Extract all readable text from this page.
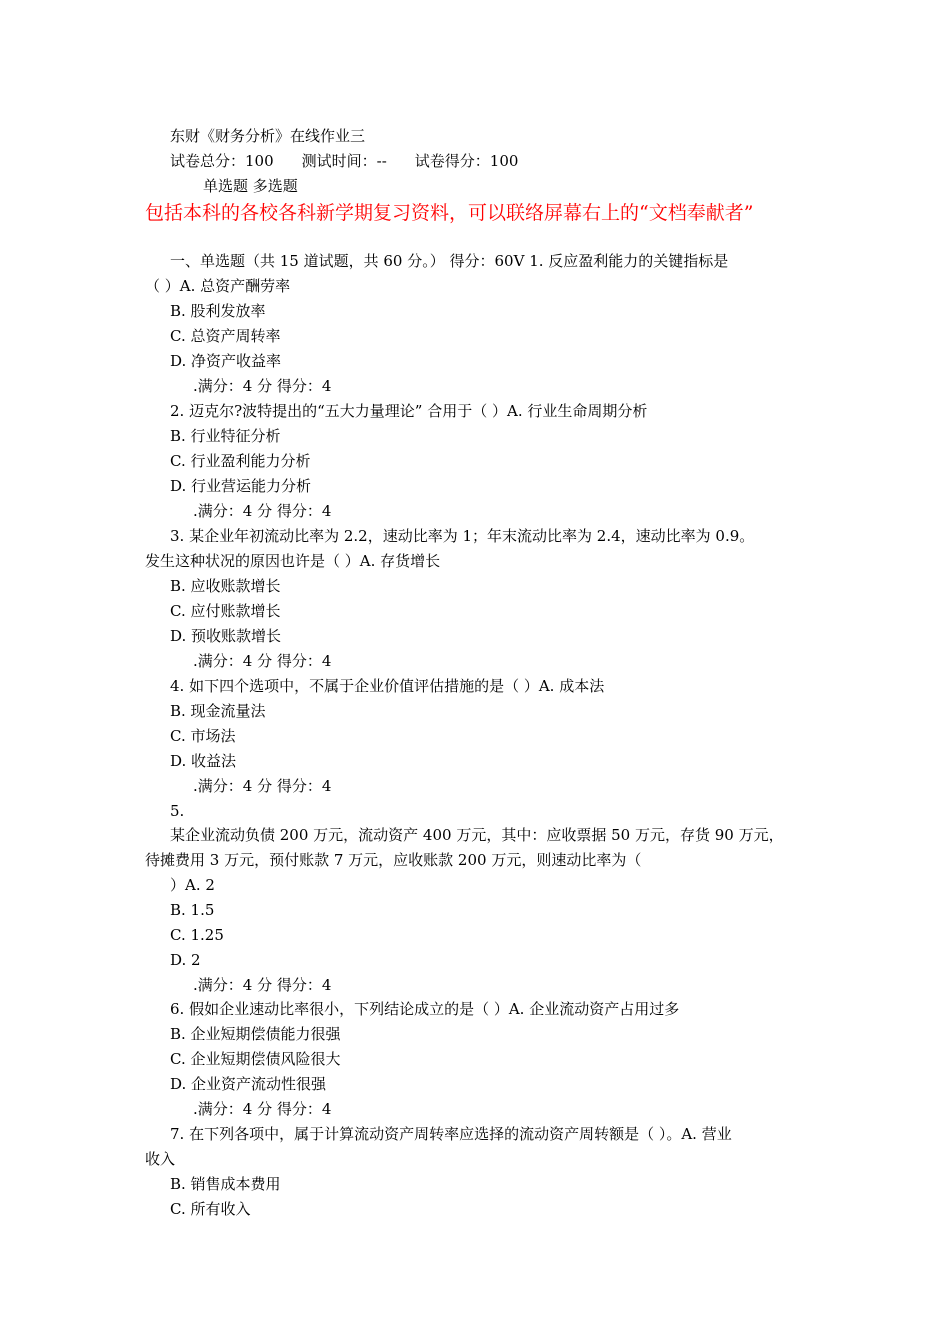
东财《财务分析》在线作业三
试卷总分：100 测试时间：-- 试卷得分：100
单选题 多选题
包括本科的各校各科新学期复习资料，可以联络屏幕右上的“文档奉献者”
一、单选题（共 15 道试题，共 60 分。） 得分：60V 1. 反应盈利能力的关键指标是
（ ）A. 总资产酬劳率
B. 股利发放率
C. 总资产周转率
D. 净资产收益率
.满分：4 分 得分：4
2. 迈克尔?波特提出的“五大力量理论” 合用于（ ）A. 行业生命周期分析
B. 行业特征分析
C. 行业盈利能力分析
D. 行业营运能力分析
.满分：4 分 得分：4
3. 某企业年初流动比率为 2.2，速动比率为 1；年末流动比率为 2.4，速动比率为 0.9。
发生这种状况的原因也许是（ ）A. 存货增长
B. 应收账款增长
C. 应付账款增长
D. 预收账款增长
.满分：4 分 得分：4
4. 如下四个选项中，不属于企业价值评估措施的是（ ）A. 成本法
B. 现金流量法
C. 市场法
D. 收益法
.满分：4 分 得分：4
5.
某企业流动负债 200 万元，流动资产 400 万元，其中：应收票据 50 万元，存货 90 万元，
待摊费用 3 万元，预付账款 7 万元，应收账款 200 万元，则速动比率为（
）A. 2
B. 1.5
C. 1.25
D. 2
.满分：4 分 得分：4
6. 假如企业速动比率很小，下列结论成立的是（ ）A. 企业流动资产占用过多
B. 企业短期偿债能力很强
C. 企业短期偿债风险很大
D. 企业资产流动性很强
.满分：4 分 得分：4
7. 在下列各项中，属于计算流动资产周转率应选择的流动资产周转额是（ ）。A. 营业
收入
B. 销售成本费用
C. 所有收入
